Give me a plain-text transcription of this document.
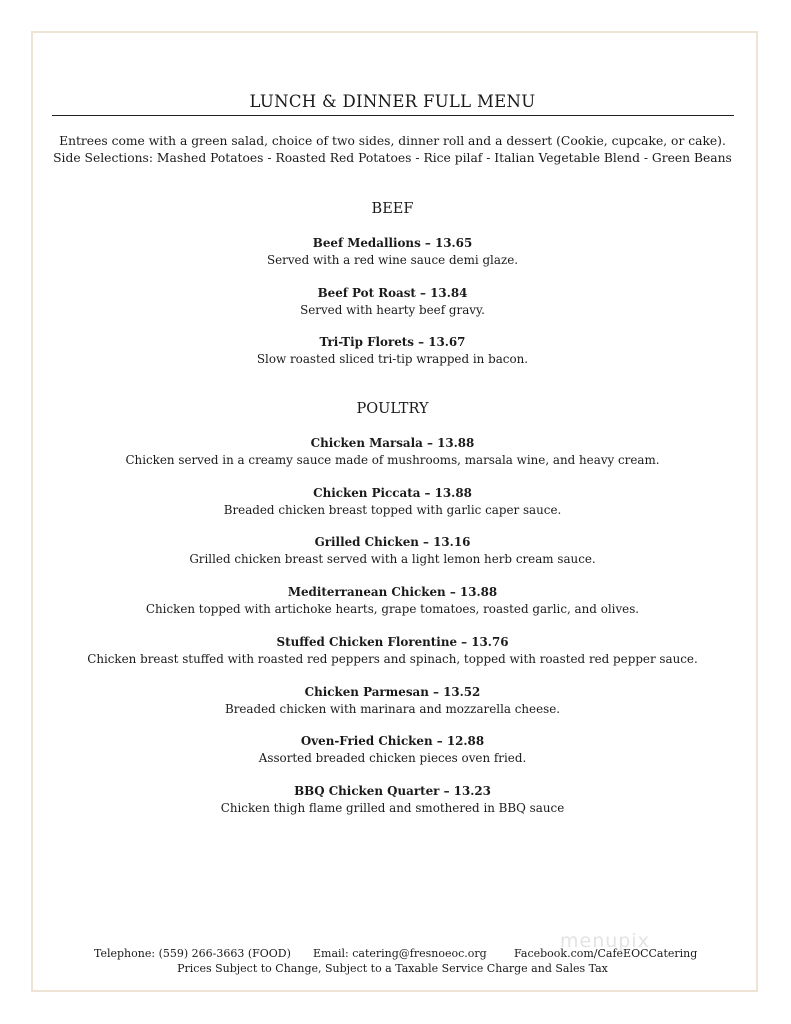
LUNCH & DINNER FULL MENU
Entrees come with a green salad, choice of two sides, dinner roll and a dessert (Cookie, cupcake, or cake).
Side Selections: Mashed Potatoes - Roasted Red Potatoes - Rice pilaf - Italian Vegetable Blend - Green Beans
BEEF
Beef Medallions – 13.65
Served with a red wine sauce demi glaze.
Beef Pot Roast – 13.84
Served with hearty beef gravy.
Tri-Tip Florets – 13.67
Slow roasted sliced tri-tip wrapped in bacon.
POULTRY
Chicken Marsala – 13.88
Chicken served in a creamy sauce made of mushrooms, marsala wine, and heavy cream.
Chicken Piccata – 13.88
Breaded chicken breast topped with garlic caper sauce.
Grilled Chicken – 13.16
Grilled chicken breast served with a light lemon herb cream sauce.
Mediterranean Chicken – 13.88
Chicken topped with artichoke hearts, grape tomatoes, roasted garlic, and olives.
Stuffed Chicken Florentine – 13.76
Chicken breast stuffed with roasted red peppers and spinach, topped with roasted red pepper sauce.
Chicken Parmesan – 13.52
Breaded chicken with marinara and mozzarella cheese.
Oven-Fried Chicken – 12.88
Assorted breaded chicken pieces oven fried.
BBQ Chicken Quarter – 13.23
Chicken thigh flame grilled and smothered in BBQ sauce
menupix
Telephone: (559) 266-3663 (FOOD) Email: catering@fresnoeoc.org Facebook.com/CafeEOCCatering
Prices Subject to Change, Subject to a Taxable Service Charge and Sales Tax
